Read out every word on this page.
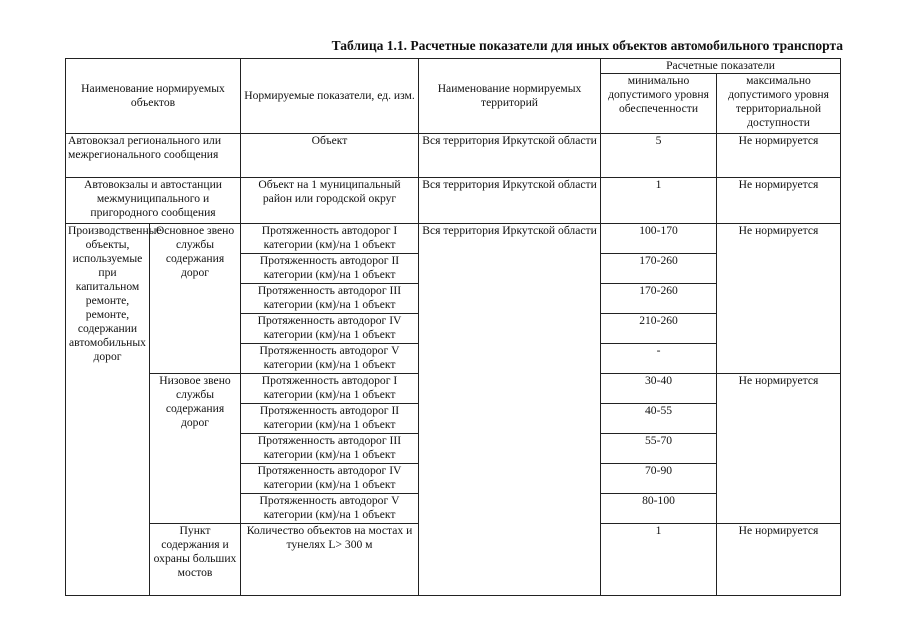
Таблица 1.1. Расчетные показатели для иных объектов автомобильного транспорта
Наименование нормируемых объектов		Нормируемые показатели, ед. изм.	Наименование нормируемых территорий	Расчетные показатели	
				минимально допустимого уровня обеспеченности	максимально допустимого уровня территориальной доступности
Автовокзал регионального или межрегионального сообщения		Объект	Вся территория Иркутской области	5	Не нормируется
Автовокзалы и автостанции межмуниципального и пригородного сообщения		Объект на 1 муниципальный район или городской округ	Вся территория Иркутской области	1	Не нормируется
Производственные объекты, используемые при капитальном ремонте, ремонте, содержании автомобильных дорог	Основное звено службы содержания дорог	Протяженность автодорог I категории (км)/на 1 объект	Вся территория Иркутской области	100-170	Не нормируется
		Протяженность автодорог II категории (км)/на 1 объект		170-260	
		Протяженность автодорог III категории (км)/на 1 объект		170-260	
		Протяженность автодорог IV категории (км)/на 1 объект		210-260	
		Протяженность автодорог V категории (км)/на 1 объект		-	
	Низовое звено службы содержания дорог	Протяженность автодорог I категории (км)/на 1 объект		30-40	Не нормируется
		Протяженность автодорог II категории (км)/на 1 объект		40-55	
		Протяженность автодорог III категории (км)/на 1 объект		55-70	
		Протяженность автодорог IV категории (км)/на 1 объект		70-90	
		Протяженность автодорог V категории (км)/на 1 объект		80-100	
	Пункт содержания и охраны больших мостов	Количество объектов на мостах и тунелях L> 300 м		1	Не нормируется
